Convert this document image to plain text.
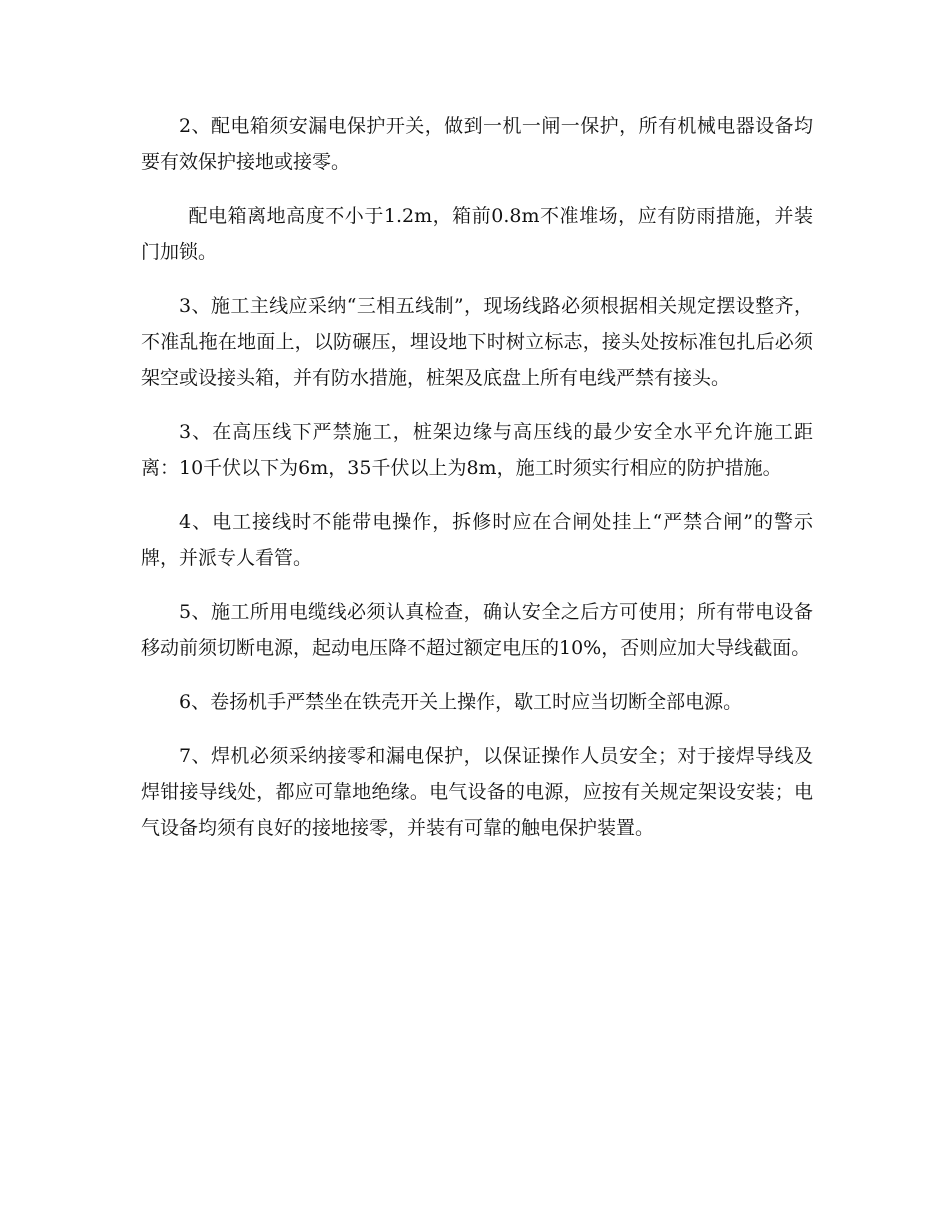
2、配电箱须安漏电保护开关，做到一机一闸一保护，所有机械电器设备均要有效保护接地或接零。

配电箱离地高度不小于1.2m，箱前0.8m不准堆场，应有防雨措施，并装门加锁。

3、施工主线应采纳“三相五线制”，现场线路必须根据相关规定摆设整齐，不准乱拖在地面上，以防碾压，埋设地下时树立标志，接头处按标准包扎后必须架空或设接头箱，并有防水措施，桩架及底盘上所有电线严禁有接头。

3、在高压线下严禁施工，桩架边缘与高压线的最少安全水平允许施工距离：10千伏以下为6m，35千伏以上为8m，施工时须实行相应的防护措施。

4、电工接线时不能带电操作，拆修时应在合闸处挂上“严禁合闸”的警示牌，并派专人看管。

5、施工所用电缆线必须认真检查，确认安全之后方可使用；所有带电设备移动前须切断电源，起动电压降不超过额定电压的10%，否则应加大导线截面。

6、卷扬机手严禁坐在铁壳开关上操作，歇工时应当切断全部电源。

7、焊机必须采纳接零和漏电保护，以保证操作人员安全；对于接焊导线及焊钳接导线处，都应可靠地绝缘。电气设备的电源，应按有关规定架设安装；电气设备均须有良好的接地接零，并装有可靠的触电保护装置。
